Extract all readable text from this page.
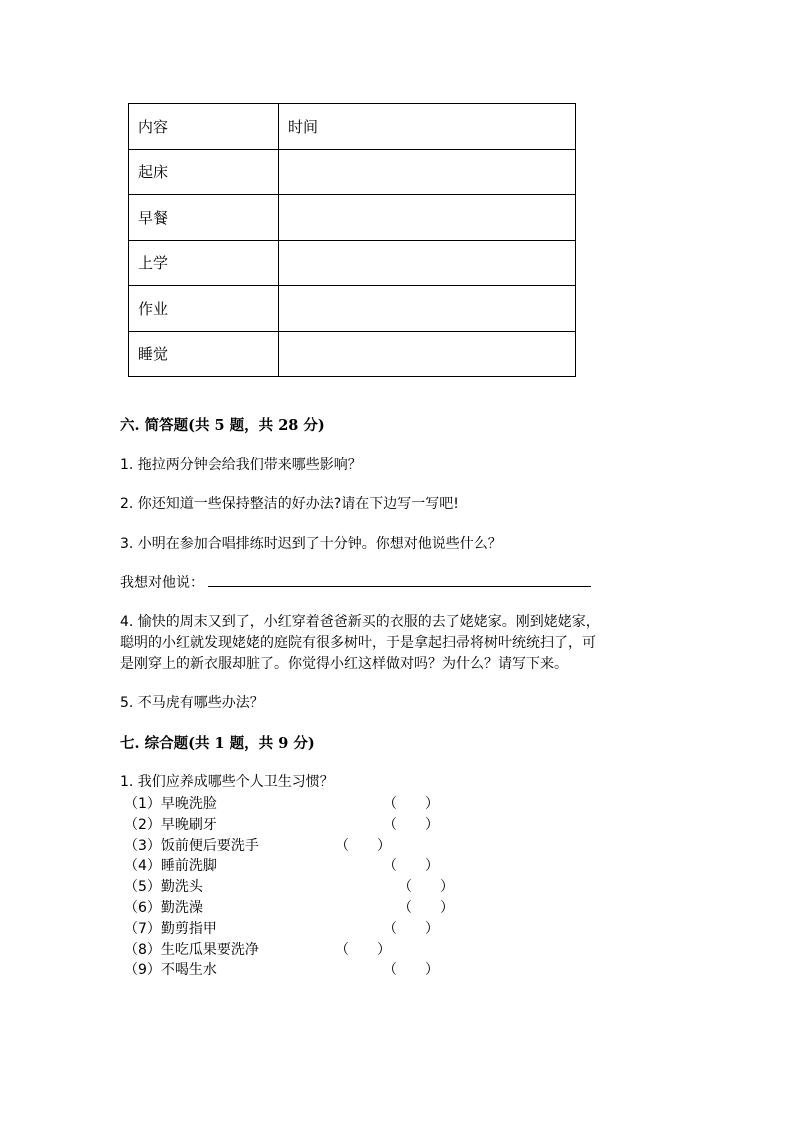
内容	时间
起床	
早餐	
上学	
作业	
睡觉	
六. 简答题(共 5 题，共 28 分)
1. 拖拉两分钟会给我们带来哪些影响？
2. 你还知道一些保持整洁的好办法?请在下边写一写吧!
3. 小明在参加合唱排练时迟到了十分钟。你想对他说些什么？
我想对他说：
4. 愉快的周末又到了，小红穿着爸爸新买的衣服的去了姥姥家。刚到姥姥家，
聪明的小红就发现姥姥的庭院有很多树叶，于是拿起扫帚将树叶统统扫了，可
是刚穿上的新衣服却脏了。你觉得小红这样做对吗？为什么？请写下来。
5. 不马虎有哪些办法？
七. 综合题(共 1 题，共 9 分)
1. 我们应养成哪些个人卫生习惯？
（1）早晚洗脸	（　　）
（2）早晚刷牙	（　　）
（3）饭前便后要洗手	（　　）
（4）睡前洗脚	（　　）
（5）勤洗头	（　　）
（6）勤洗澡	（　　）
（7）勤剪指甲	（　　）
（8）生吃瓜果要洗净	（　　）
（9）不喝生水	（　　）
